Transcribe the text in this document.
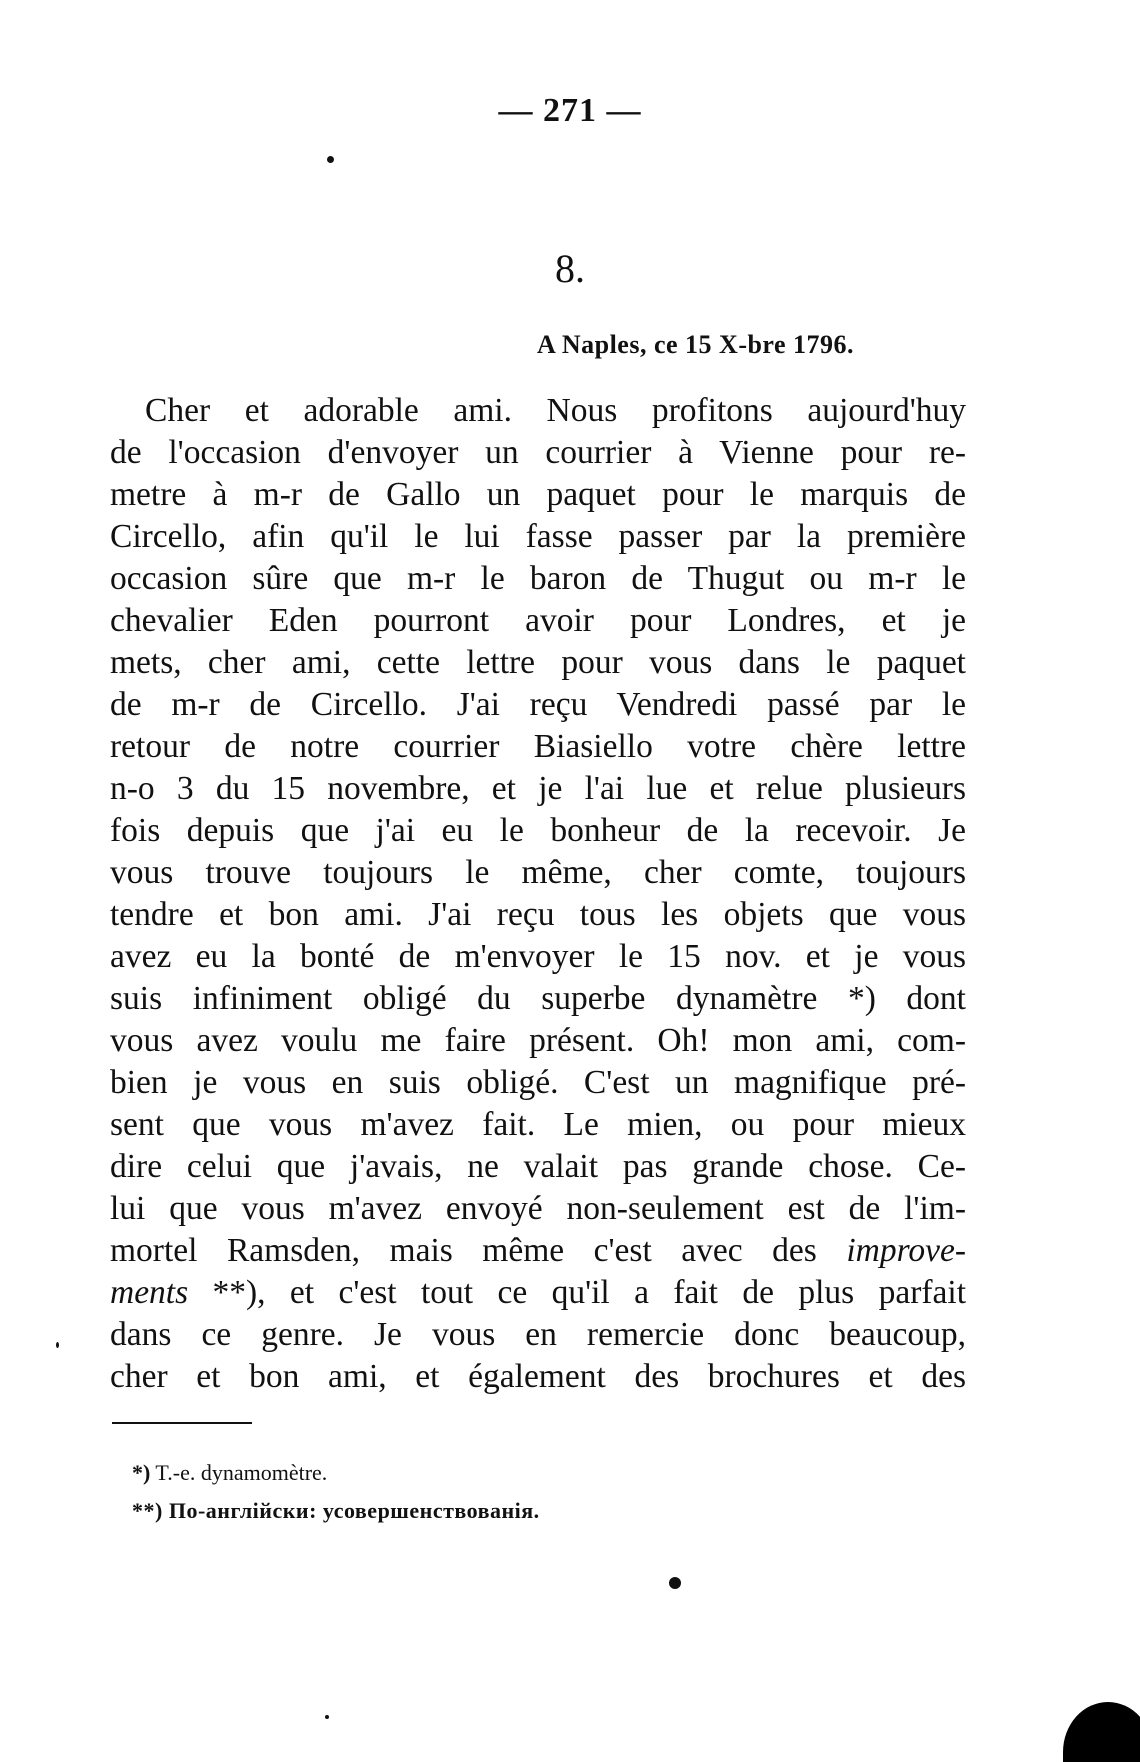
— 271 —
8.
A Naples, ce 15 X-bre 1796.
Cher et adorable ami. Nous profitons aujourd'huy
de l'occasion d'envoyer un courrier à Vienne pour re-
metre à m-r de Gallo un paquet pour le marquis de
Circello, afin qu'il le lui fasse passer par la première
occasion sûre que m-r le baron de Thugut ou m-r le
chevalier Eden pourront avoir pour Londres, et je
mets, cher ami, cette lettre pour vous dans le paquet
de m-r de Circello. J'ai reçu Vendredi passé par le
retour de notre courrier Biasiello votre chère lettre
n-o 3 du 15 novembre, et je l'ai lue et relue plusieurs
fois depuis que j'ai eu le bonheur de la recevoir. Je
vous trouve toujours le même, cher comte, toujours
tendre et bon ami. J'ai reçu tous les objets que vous
avez eu la bonté de m'envoyer le 15 nov. et je vous
suis infiniment obligé du superbe dynamètre *) dont
vous avez voulu me faire présent. Oh! mon ami, com-
bien je vous en suis obligé. C'est un magnifique pré-
sent que vous m'avez fait. Le mien, ou pour mieux
dire celui que j'avais, ne valait pas grande chose. Ce-
lui que vous m'avez envoyé non-seulement est de l'im-
mortel Ramsden, mais même c'est avec des improve-
ments **), et c'est tout ce qu'il a fait de plus parfait
dans ce genre. Je vous en remercie donc beaucoup,
cher et bon ami, et également des brochures et des
*) T.-e. dynamomètre.
**) По-англійски: усовершенствованія.
